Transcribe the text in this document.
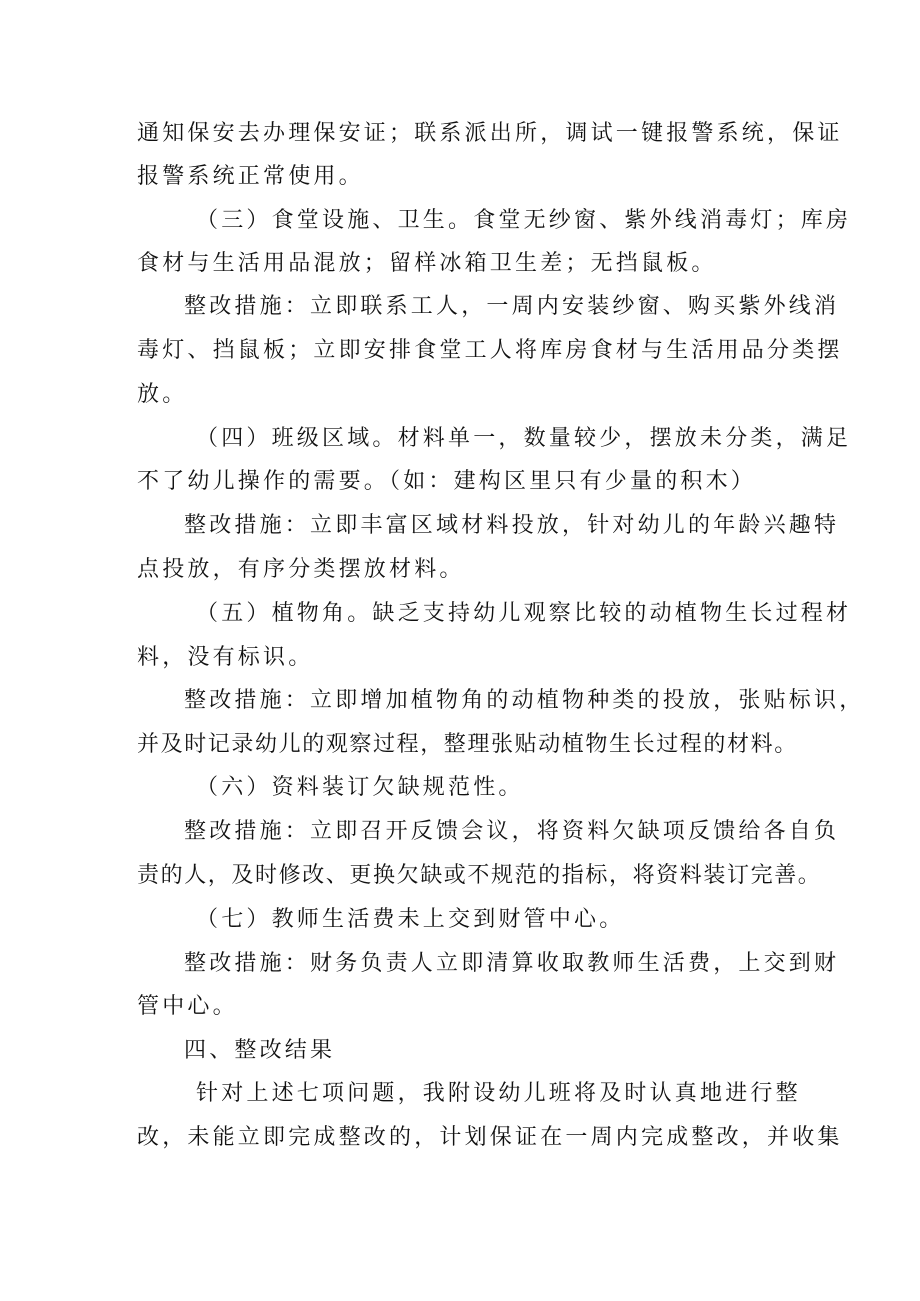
通知保安去办理保安证；联系派出所，调试一键报警系统，保证
报警系统正常使用。
（三）食堂设施、卫生。食堂无纱窗、紫外线消毒灯；库房
食材与生活用品混放；留样冰箱卫生差；无挡鼠板。
整改措施：立即联系工人，一周内安装纱窗、购买紫外线消
毒灯、挡鼠板；立即安排食堂工人将库房食材与生活用品分类摆
放。
（四）班级区域。材料单一，数量较少，摆放未分类，满足
不了幼儿操作的需要。（如：建构区里只有少量的积木）
整改措施：立即丰富区域材料投放，针对幼儿的年龄兴趣特
点投放，有序分类摆放材料。
（五）植物角。缺乏支持幼儿观察比较的动植物生长过程材
料，没有标识。
整改措施：立即增加植物角的动植物种类的投放，张贴标识，
并及时记录幼儿的观察过程，整理张贴动植物生长过程的材料。
（六）资料装订欠缺规范性。
整改措施：立即召开反馈会议，将资料欠缺项反馈给各自负
责的人，及时修改、更换欠缺或不规范的指标，将资料装订完善。
（七）教师生活费未上交到财管中心。
整改措施：财务负责人立即清算收取教师生活费，上交到财
管中心。
四、整改结果
针对上述七项问题，我附设幼儿班将及时认真地进行整
改，未能立即完成整改的，计划保证在一周内完成整改，并收集
